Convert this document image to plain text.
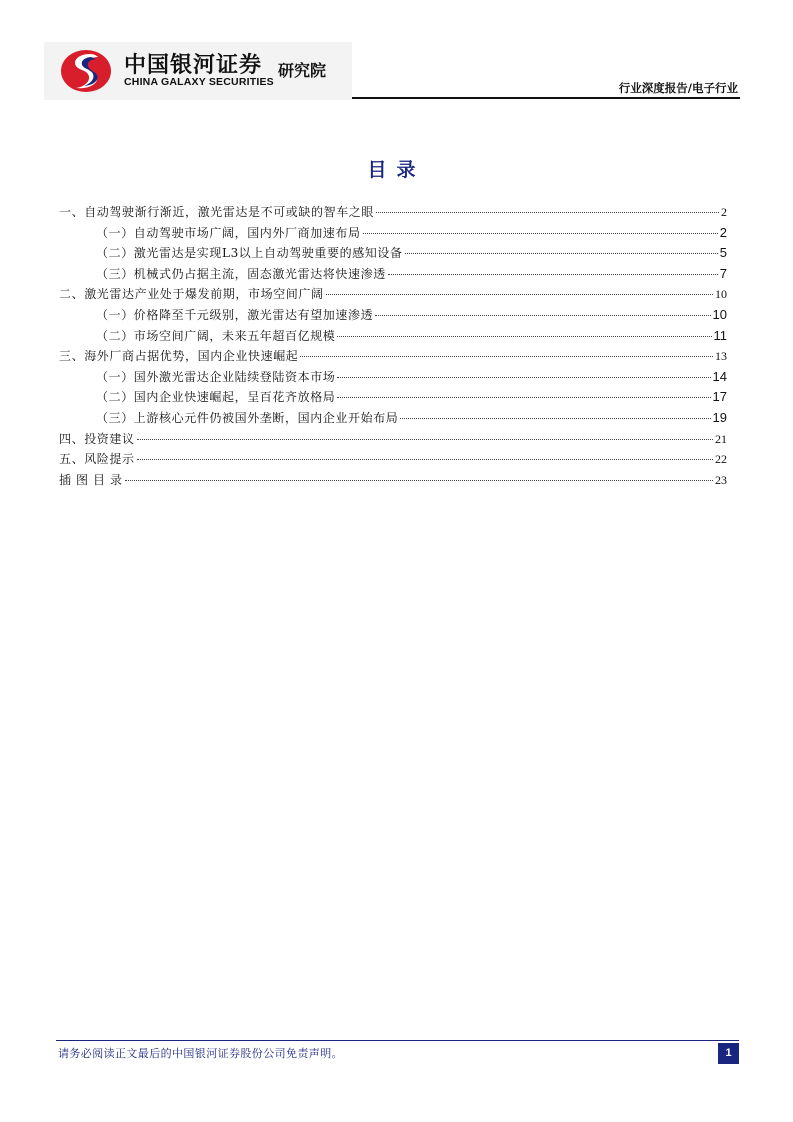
中国银河证券
CHINA GALAXY SECURITIES
研究院
行业深度报告/电子行业
目录
一、自动驾驶渐行渐近，激光雷达是不可或缺的智车之眼	2
（一）自动驾驶市场广阔，国内外厂商加速布局	2
（二）激光雷达是实现L3以上自动驾驶重要的感知设备	5
（三）机械式仍占据主流，固态激光雷达将快速渗透	7
二、激光雷达产业处于爆发前期，市场空间广阔	10
（一）价格降至千元级别，激光雷达有望加速渗透	10
（二）市场空间广阔，未来五年超百亿规模	11
三、海外厂商占据优势，国内企业快速崛起	13
（一）国外激光雷达企业陆续登陆资本市场	14
（二）国内企业快速崛起，呈百花齐放格局	17
（三）上游核心元件仍被国外垄断，国内企业开始布局	19
四、投资建议	21
五、风险提示	22
插 图 目 录	23
请务必阅读正文最后的中国银河证券股份公司免责声明。	1
